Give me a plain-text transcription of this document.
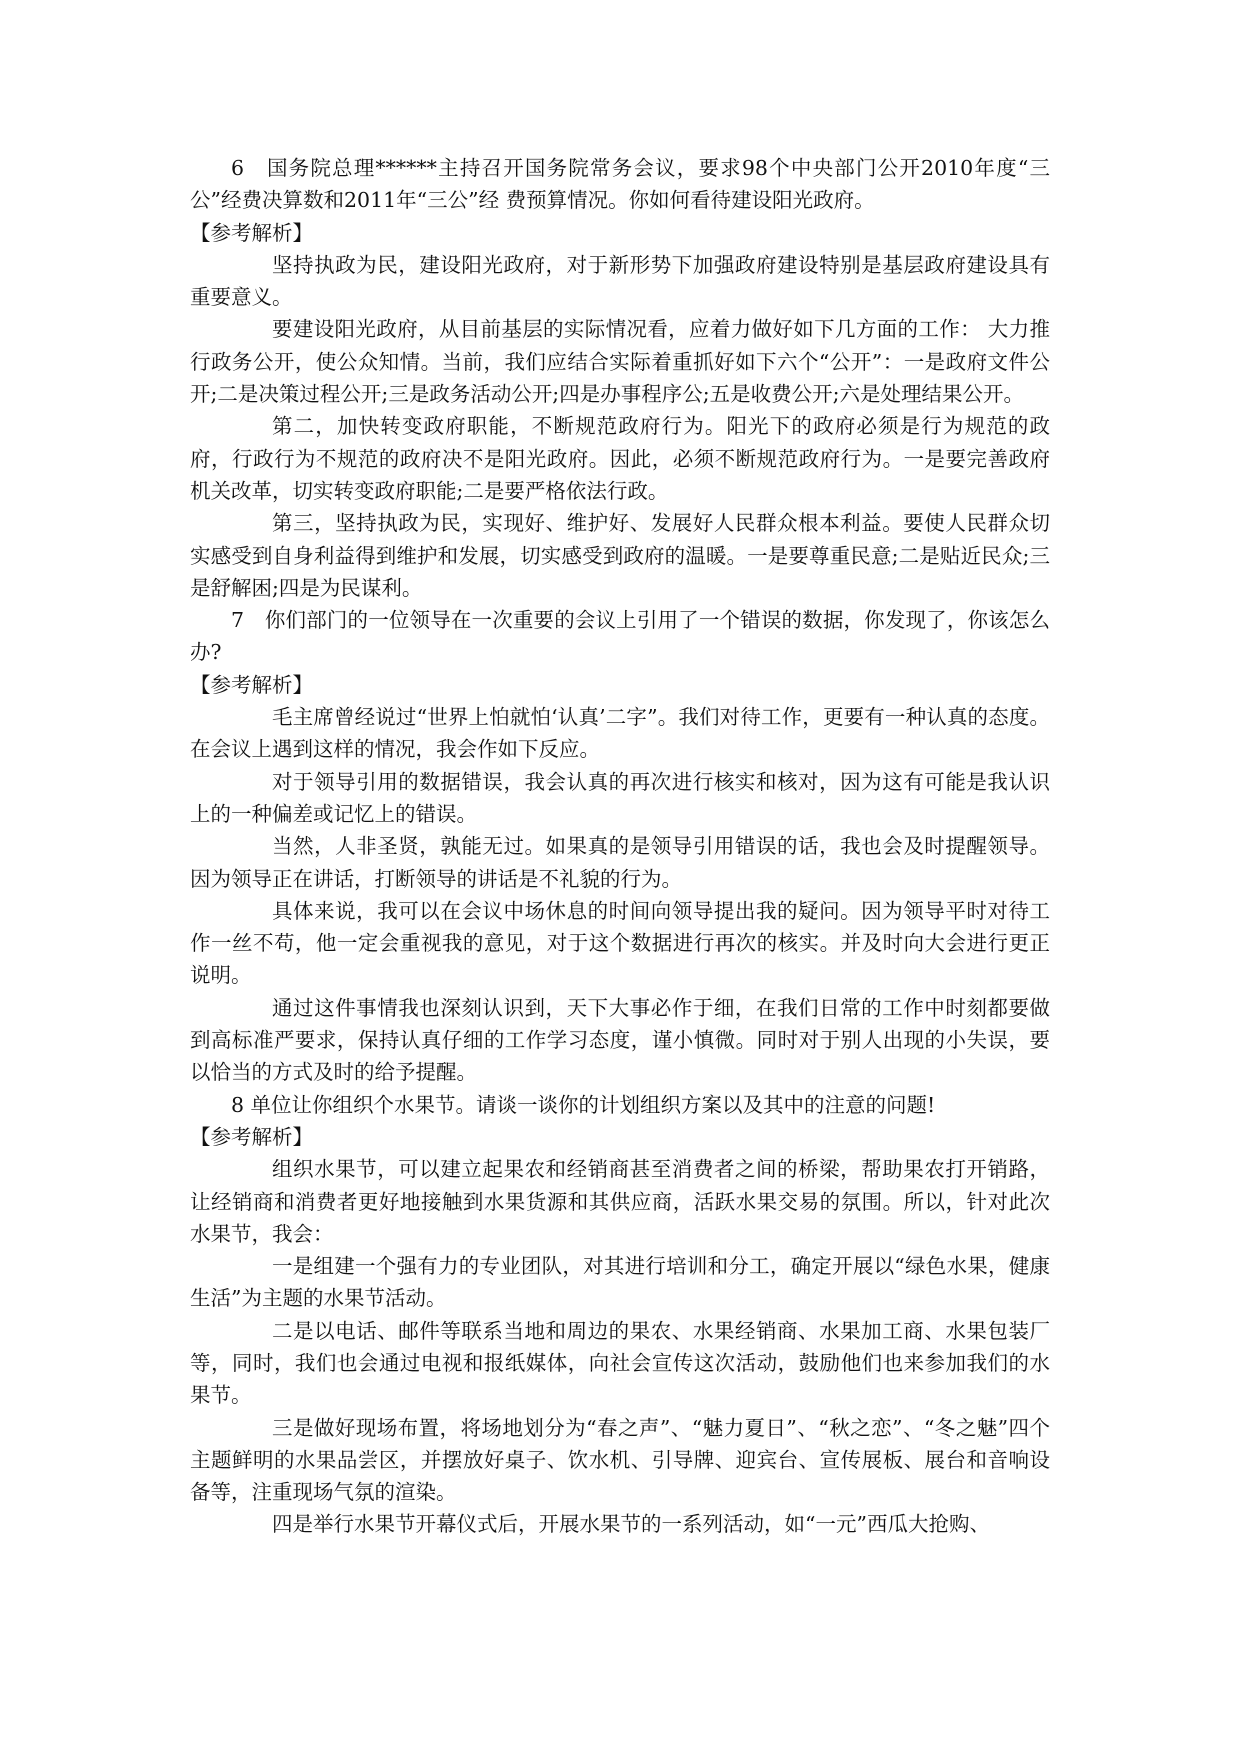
6　国务院总理******主持召开国务院常务会议，要求98个中央部门公开2010年度“三公”经费决算数和2011年“三公”经 费预算情况。你如何看待建设阳光政府。

【参考解析】

坚持执政为民，建设阳光政府，对于新形势下加强政府建设特别是基层政府建设具有重要意义。

要建设阳光政府，从目前基层的实际情况看，应着力做好如下几方面的工作： 大力推行政务公开，使公众知情。当前，我们应结合实际着重抓好如下六个“公开”：一是政府文件公开;二是决策过程公开;三是政务活动公开;四是办事程序公;五是收费公开;六是处理结果公开。

第二，加快转变政府职能，不断规范政府行为。阳光下的政府必须是行为规范的政府，行政行为不规范的政府决不是阳光政府。因此，必须不断规范政府行为。一是要完善政府机关改革，切实转变政府职能;二是要严格依法行政。

第三，坚持执政为民，实现好、维护好、发展好人民群众根本利益。要使人民群众切实感受到自身利益得到维护和发展，切实感受到政府的温暖。一是要尊重民意;二是贴近民众;三是舒解困;四是为民谋利。

7　你们部门的一位领导在一次重要的会议上引用了一个错误的数据，你发现了，你该怎么办?

【参考解析】

毛主席曾经说过“世界上怕就怕‘认真’二字”。我们对待工作，更要有一种认真的态度。在会议上遇到这样的情况，我会作如下反应。

对于领导引用的数据错误，我会认真的再次进行核实和核对，因为这有可能是我认识上的一种偏差或记忆上的错误。

当然，人非圣贤，孰能无过。如果真的是领导引用错误的话，我也会及时提醒领导。因为领导正在讲话，打断领导的讲话是不礼貌的行为。

具体来说，我可以在会议中场休息的时间向领导提出我的疑问。因为领导平时对待工作一丝不苟，他一定会重视我的意见，对于这个数据进行再次的核实。并及时向大会进行更正说明。

通过这件事情我也深刻认识到，天下大事必作于细，在我们日常的工作中时刻都要做到高标准严要求，保持认真仔细的工作学习态度，谨小慎微。同时对于别人出现的小失误，要以恰当的方式及时的给予提醒。

8 单位让你组织个水果节。请谈一谈你的计划组织方案以及其中的注意的问题!

【参考解析】

组织水果节，可以建立起果农和经销商甚至消费者之间的桥梁，帮助果农打开销路，让经销商和消费者更好地接触到水果货源和其供应商，活跃水果交易的氛围。所以，针对此次水果节，我会：

一是组建一个强有力的专业团队，对其进行培训和分工，确定开展以“绿色水果，健康生活”为主题的水果节活动。

二是以电话、邮件等联系当地和周边的果农、水果经销商、水果加工商、水果包装厂等，同时，我们也会通过电视和报纸媒体，向社会宣传这次活动，鼓励他们也来参加我们的水果节。

三是做好现场布置，将场地划分为“春之声”、“魅力夏日”、“秋之恋”、“冬之魅”四个主题鲜明的水果品尝区，并摆放好桌子、饮水机、引导牌、迎宾台、宣传展板、展台和音响设备等，注重现场气氛的渲染。

四是举行水果节开幕仪式后，开展水果节的一系列活动，如“一元”西瓜大抢购、
